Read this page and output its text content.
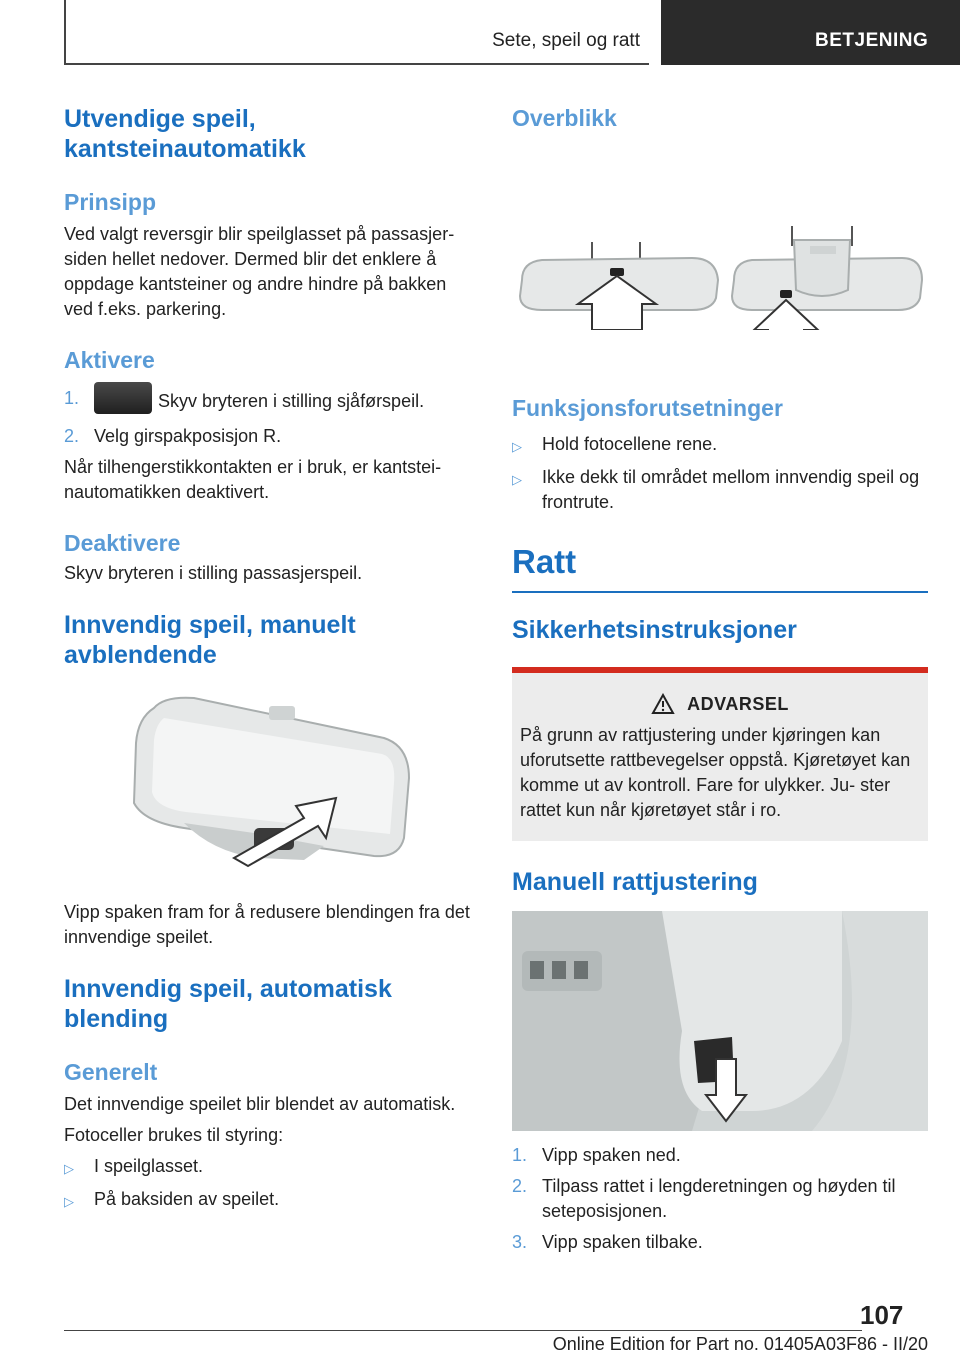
Sete, speil og ratt	BETJENING
Utvendige speil, kantsteinautomatikk
Prinsipp
Ved valgt reversgir blir speilglasset på passasjer- siden hellet nedover. Dermed blir det enklere å oppdage kantsteiner og andre hindre på bakken ved f.eks. parkering.
Aktivere
1.	Skyv bryteren i stilling sjåførspeil.
2. Velg girspakposisjon R.
Når tilhengerstikkontakten er i bruk, er kantstei- nautomatikken deaktivert.
Deaktivere
Skyv bryteren i stilling passasjerspeil.
Innvendig speil, manuelt avblendende
Vipp spaken fram for å redusere blendingen fra det innvendige speilet.
Innvendig speil, automatisk blending
Generelt
Det innvendige speilet blir blendet av automatisk.
Fotoceller brukes til styring:
▷	I speilglasset.
▷	På baksiden av speilet.
Overblikk
Funksjonsforutsetninger
▷	Hold fotocellene rene.
▷	Ikke dekk til området mellom innvendig speil og frontrute.
Ratt
Sikkerhetsinstruksjoner
ADVARSEL
På grunn av rattjustering under kjøringen kan uforutsette rattbevegelser oppstå. Kjøretøyet kan komme ut av kontroll. Fare for ulykker. Ju- ster rattet kun når kjøretøyet står i ro.
Manuell rattjustering
1. Vipp spaken ned.
2. Tilpass rattet i lengderetningen og høyden til seteposisjonen.
3. Vipp spaken tilbake.
107
Online Edition for Part no. 01405A03F86 - II/20
